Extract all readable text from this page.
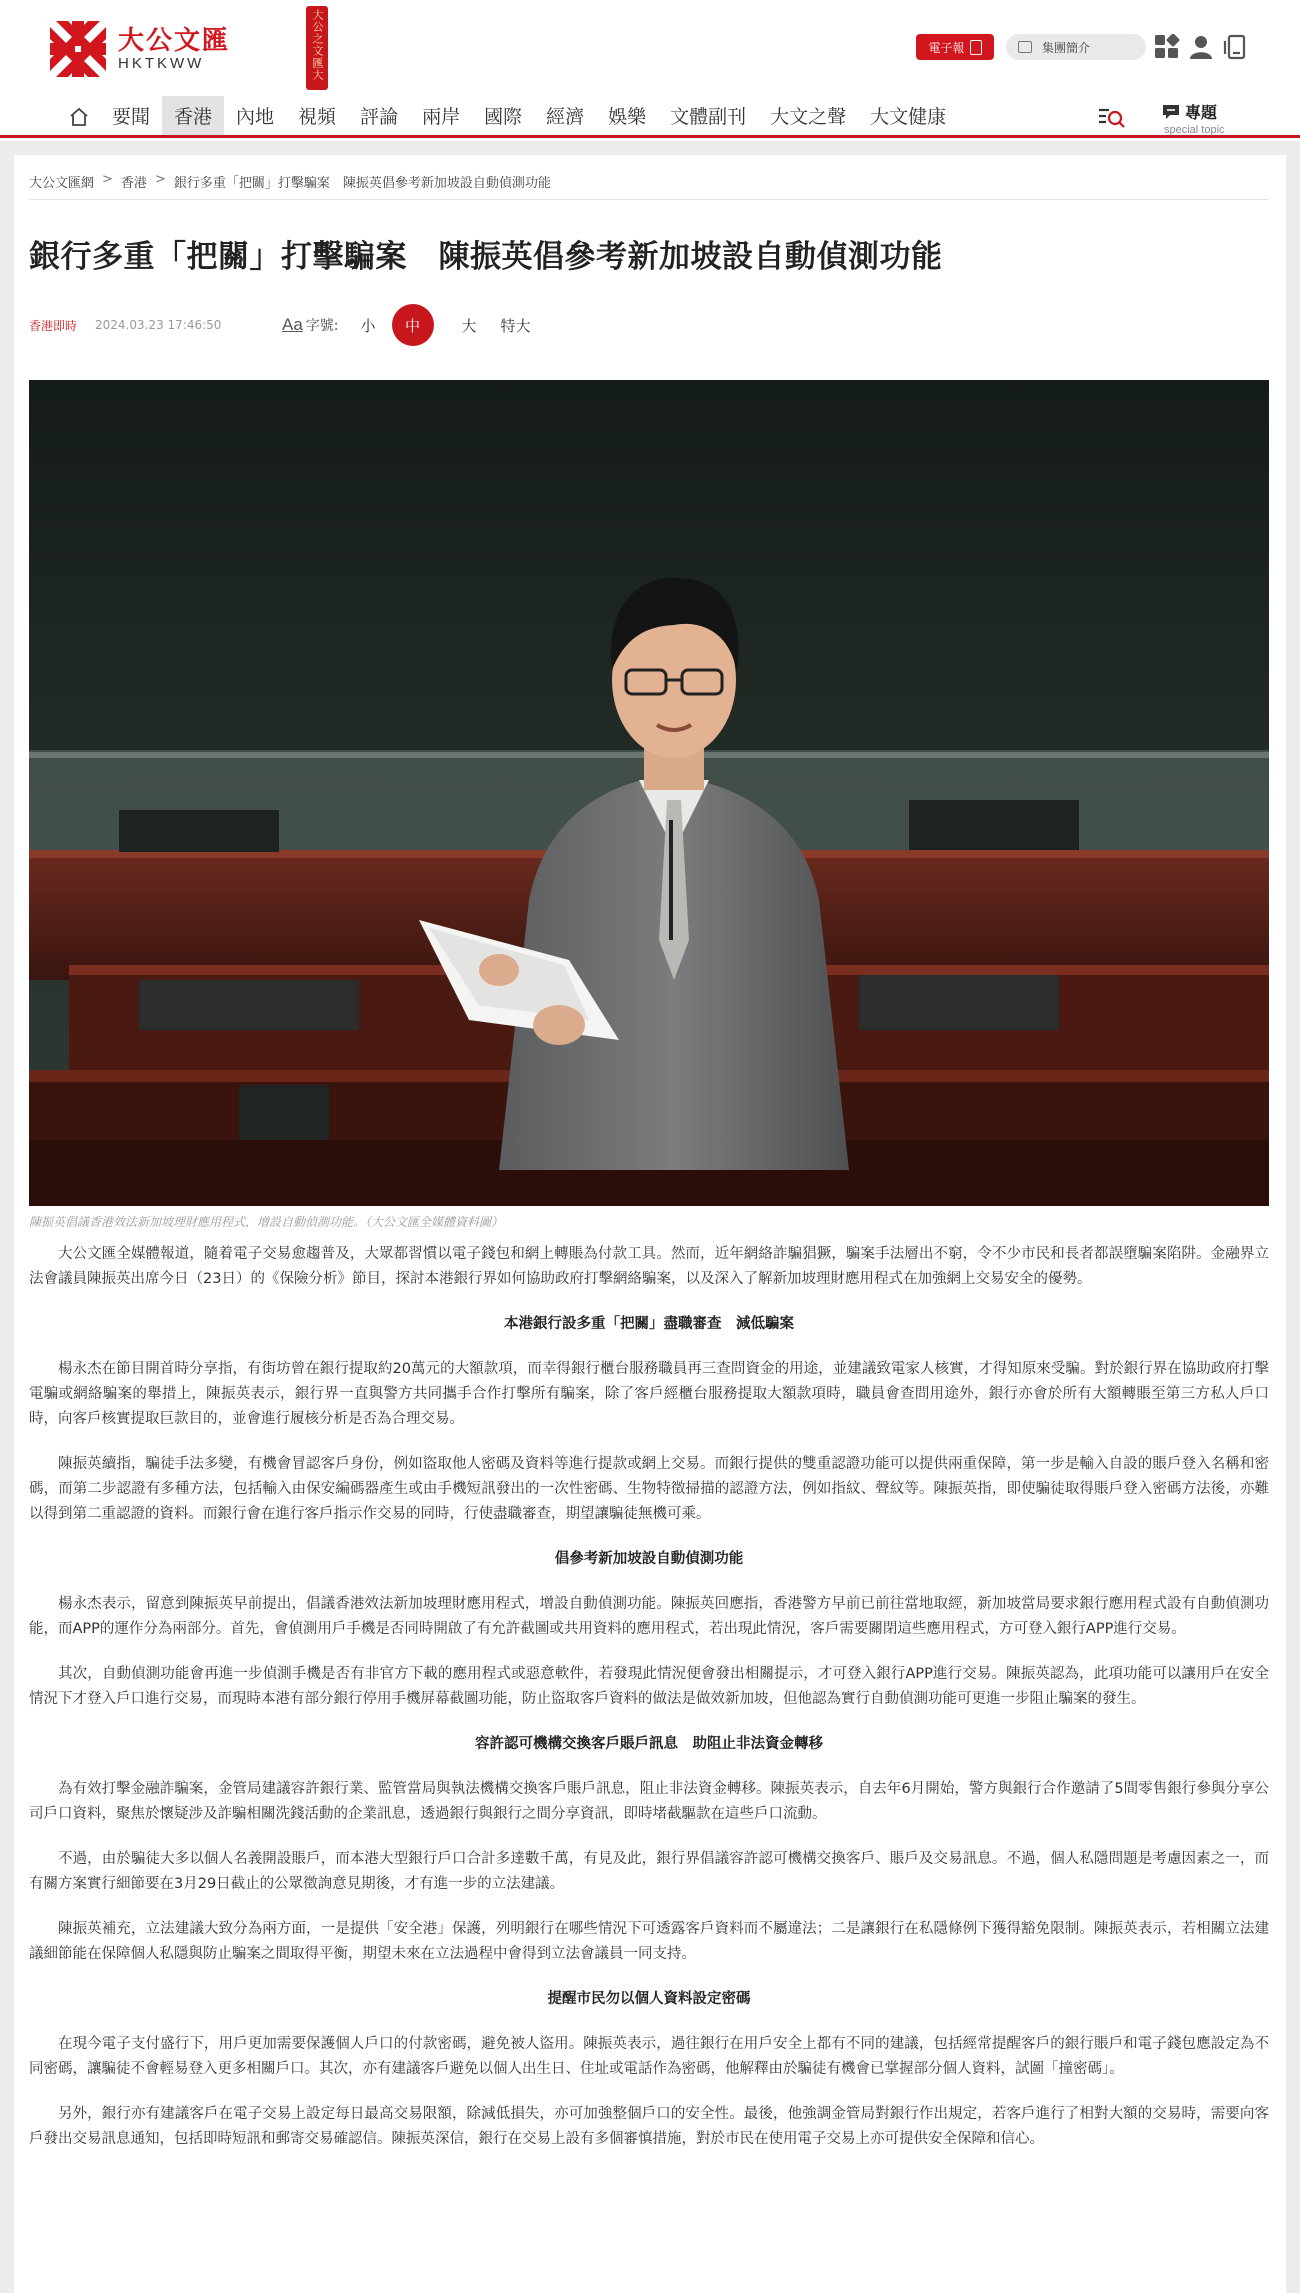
大公文匯
HKTKWW	大公之文匯大	電子報	集團簡介
要聞	香港	內地	視頻	評論	兩岸	國際	經濟	娛樂	文體副刊	大文之聲	大文健康	專題
special topic
大公文匯網 > 香港 > 銀行多重「把關」打擊騙案　陳振英倡參考新加坡設自動偵測功能
銀行多重「把關」打擊騙案　陳振英倡參考新加坡設自動偵測功能
香港即時 2024.03.23 17:46:50	Aa 字號: 小	中	大 特大
陳振英倡議香港效法新加坡理財應用程式，增設自動偵測功能。（大公文匯全媒體資料圖）

大公文匯全媒體報道，隨着電子交易愈趨普及，大眾都習慣以電子錢包和網上轉賬為付款工具。然而，近年網絡詐騙猖獗，騙案手法層出不窮，令不少市民和長者都誤墮騙案陷阱。金融界立法會議員陳振英出席今日（23日）的《保險分析》節目，探討本港銀行界如何協助政府打擊網絡騙案，以及深入了解新加坡理財應用程式在加強網上交易安全的優勢。

本港銀行設多重「把關」盡職審查　減低騙案

楊永杰在節目開首時分享指，有街坊曾在銀行提取約20萬元的大額款項，而幸得銀行櫃台服務職員再三查問資金的用途，並建議致電家人核實，才得知原來受騙。對於銀行界在協助政府打擊電騙或網絡騙案的舉措上，陳振英表示，銀行界一直與警方共同攜手合作打擊所有騙案，除了客戶經櫃台服務提取大額款項時，職員會查問用途外，銀行亦會於所有大額轉賬至第三方私人戶口時，向客戶核實提取巨款目的，並會進行履核分析是否為合理交易。

陳振英續指，騙徒手法多變，有機會冒認客戶身份，例如盜取他人密碼及資料等進行提款或網上交易。而銀行提供的雙重認證功能可以提供兩重保障，第一步是輸入自設的賬戶登入名稱和密碼，而第二步認證有多種方法，包括輸入由保安編碼器產生或由手機短訊發出的一次性密碼、生物特徵掃描的認證方法，例如指紋、聲紋等。陳振英指，即使騙徒取得賬戶登入密碼方法後，亦難以得到第二重認證的資料。而銀行會在進行客戶指示作交易的同時，行使盡職審查，期望讓騙徒無機可乘。

倡參考新加坡設自動偵測功能

楊永杰表示，留意到陳振英早前提出，倡議香港效法新加坡理財應用程式，增設自動偵測功能。陳振英回應指，香港警方早前已前往當地取經，新加坡當局要求銀行應用程式設有自動偵測功能，而APP的運作分為兩部分。首先，會偵測用戶手機是否同時開啟了有允許截圖或共用資料的應用程式，若出現此情況，客戶需要關閉這些應用程式，方可登入銀行APP進行交易。

其次，自動偵測功能會再進一步偵測手機是否有非官方下載的應用程式或惡意軟件，若發現此情況便會發出相關提示，才可登入銀行APP進行交易。陳振英認為，此項功能可以讓用戶在安全情況下才登入戶口進行交易，而現時本港有部分銀行停用手機屏幕截圖功能，防止盜取客戶資料的做法是做效新加坡，但他認為實行自動偵測功能可更進一步阻止騙案的發生。

容許認可機構交換客戶賬戶訊息　助阻止非法資金轉移

為有效打擊金融詐騙案，金管局建議容許銀行業、監管當局與執法機構交換客戶賬戶訊息，阻止非法資金轉移。陳振英表示，自去年6月開始，警方與銀行合作邀請了5間零售銀行參與分享公司戶口資料，聚焦於懷疑涉及詐騙相關洗錢活動的企業訊息，透過銀行與銀行之間分享資訊，即時堵截驅款在這些戶口流動。

不過，由於騙徒大多以個人名義開設賬戶，而本港大型銀行戶口合計多達數千萬，有見及此，銀行界倡議容許認可機構交換客戶、賬戶及交易訊息。不過，個人私隱問題是考慮因素之一，而有關方案實行細節要在3月29日截止的公眾徵詢意見期後，才有進一步的立法建議。

陳振英補充，立法建議大致分為兩方面，一是提供「安全港」保護，列明銀行在哪些情況下可透露客戶資料而不屬違法；二是讓銀行在私隱條例下獲得豁免限制。陳振英表示，若相關立法建議細節能在保障個人私隱與防止騙案之間取得平衡，期望未來在立法過程中會得到立法會議員一同支持。

提醒市民勿以個人資料設定密碼

在現今電子支付盛行下，用戶更加需要保護個人戶口的付款密碼，避免被人盜用。陳振英表示，過往銀行在用戶安全上都有不同的建議，包括經常提醒客戶的銀行賬戶和電子錢包應設定為不同密碼，讓騙徒不會輕易登入更多相關戶口。其次，亦有建議客戶避免以個人出生日、住址或電話作為密碼，他解釋由於騙徒有機會已掌握部分個人資料，試圖「撞密碼」。

另外，銀行亦有建議客戶在電子交易上設定每日最高交易限額，除減低損失，亦可加強整個戶口的安全性。最後，他強調金管局對銀行作出規定，若客戶進行了相對大額的交易時，需要向客戶發出交易訊息通知，包括即時短訊和郵寄交易確認信。陳振英深信，銀行在交易上設有多個審慎措施，對於市民在使用電子交易上亦可提供安全保障和信心。
